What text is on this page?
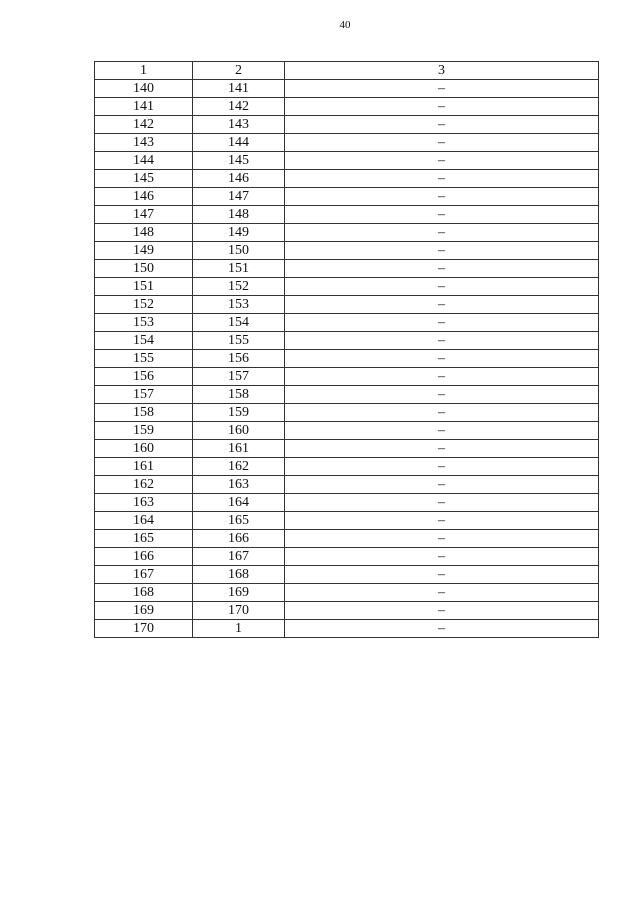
40
1	2	3
140	141	–
141	142	–
142	143	–
143	144	–
144	145	–
145	146	–
146	147	–
147	148	–
148	149	–
149	150	–
150	151	–
151	152	–
152	153	–
153	154	–
154	155	–
155	156	–
156	157	–
157	158	–
158	159	–
159	160	–
160	161	–
161	162	–
162	163	–
163	164	–
164	165	–
165	166	–
166	167	–
167	168	–
168	169	–
169	170	–
170	1	–
